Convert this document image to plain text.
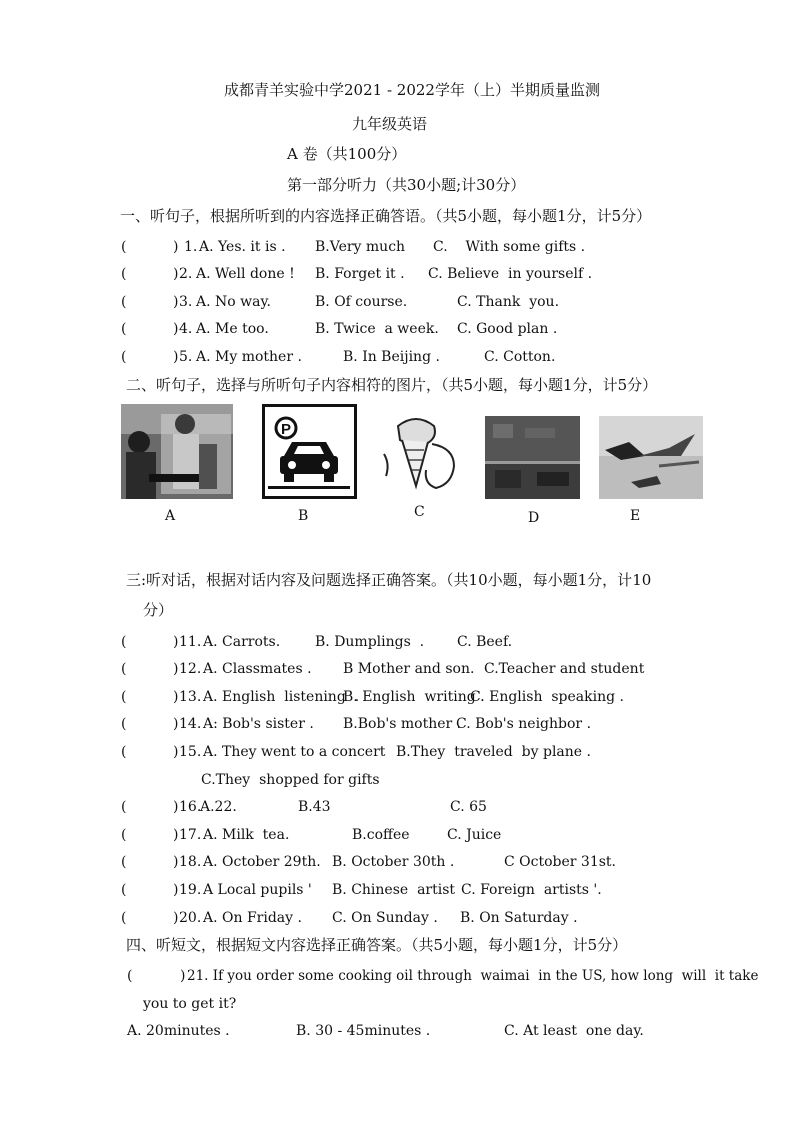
成都青羊实验中学2021 - 2022学年（上）半期质量监测
九年级英语
A 卷（共100分）
第一部分听力（共30小题;计30分）
一、听句子，根据所听到的内容选择正确答语。（共5小题，每小题1分，计5分）
(	) 1. A. Yes. it is . B.Very much C.    With some gifts .
(	) 2. A. Well done ! B. Forget it . C. Believe  in yourself .
(	) 3. A. No way.	B. Of course.	C. Thank  you.
(	) 4. A. Me too.	B. Twice  a week. C. Good plan .
(	) 5. A. My mother .	B. In Beijing .	C. Cotton.
二、听句子，选择与所听句子内容相符的图片，（共5小题，每小题1分，计5分）
A
P
B	C	D	E
三:听对话，根据对话内容及问题选择正确答案。（共10小题，每小题1分，计10
分）
(	) 11. A. Carrots. B. Dumplings  . C. Beef.
(	) 12. A. Classmates . B Mother and son. C.Teacher and student
(	) 13. A. English  listening  .
B. English  writing .
C. English  speaking .
(	) 14. A: Bob's sister . B.Bob's mother .
C. Bob's neighbor .
(	) 15. A. They went to a concert B.They  traveled  by plane .
C.They  shopped for gifts
(	) 16.
A.22.	B.43	C. 65
(	) 17. A. Milk  tea.	B.coffee	C. Juice
(	) 18. A. October 29th. B. October 30th .	C October 31st.
(	) 19. A Local pupils ' B. Chinese  artist C. Foreign  artists '.
(	) 20. A. On Friday . C. On Sunday . B. On Saturday .
四、听短文，根据短文内容选择正确答案。（共5小题，每小题1分，计5分）
(	) 21. If you order some cooking oil through  waimai  in the US, how long  will  it take
you to get it?
A. 20minutes .	B. 30 - 45minutes .	C. At least  one day.
